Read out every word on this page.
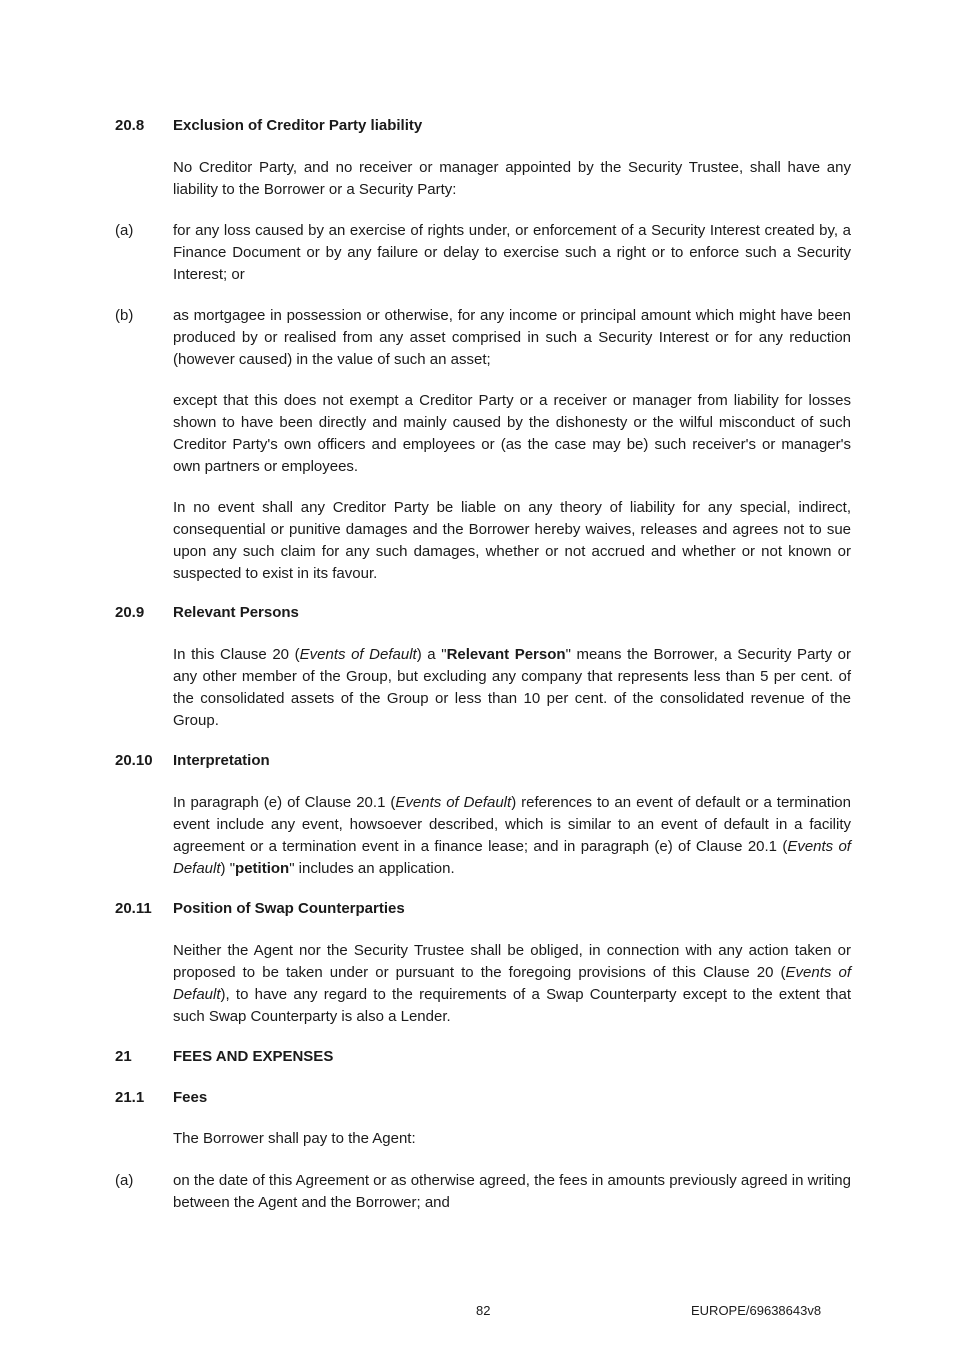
20.8 Exclusion of Creditor Party liability
No Creditor Party, and no receiver or manager appointed by the Security Trustee, shall have any liability to the Borrower or a Security Party:
(a)	for any loss caused by an exercise of rights under, or enforcement of a Security Interest created by, a Finance Document or by any failure or delay to exercise such a right or to enforce such a Security Interest; or
(b)	as mortgagee in possession or otherwise, for any income or principal amount which might have been produced by or realised from any asset comprised in such a Security Interest or for any reduction (however caused) in the value of such an asset;
except that this does not exempt a Creditor Party or a receiver or manager from liability for losses shown to have been directly and mainly caused by the dishonesty or the wilful misconduct of such Creditor Party's own officers and employees or (as the case may be) such receiver's or manager's own partners or employees.
In no event shall any Creditor Party be liable on any theory of liability for any special, indirect, consequential or punitive damages and the Borrower hereby waives, releases and agrees not to sue upon any such claim for any such damages, whether or not accrued and whether or not known or suspected to exist in its favour.
20.9 Relevant Persons
In this Clause 20 (Events of Default) a "Relevant Person" means the Borrower, a Security Party or any other member of the Group, but excluding any company that represents less than 5 per cent. of the consolidated assets of the Group or less than 10 per cent. of the consolidated revenue of the Group.
20.10 Interpretation
In paragraph (e) of Clause 20.1 (Events of Default) references to an event of default or a termination event include any event, howsoever described, which is similar to an event of default in a facility agreement or a termination event in a finance lease; and in paragraph (e) of Clause 20.1 (Events of Default) "petition" includes an application.
20.11 Position of Swap Counterparties
Neither the Agent nor the Security Trustee shall be obliged, in connection with any action taken or proposed to be taken under or pursuant to the foregoing provisions of this Clause 20 (Events of Default), to have any regard to the requirements of a Swap Counterparty except to the extent that such Swap Counterparty is also a Lender.
21	FEES AND EXPENSES
21.1 Fees
The Borrower shall pay to the Agent:
(a)	on the date of this Agreement or as otherwise agreed, the fees in amounts previously agreed in writing between the Agent and the Borrower; and
82	EUROPE/69638643v8
